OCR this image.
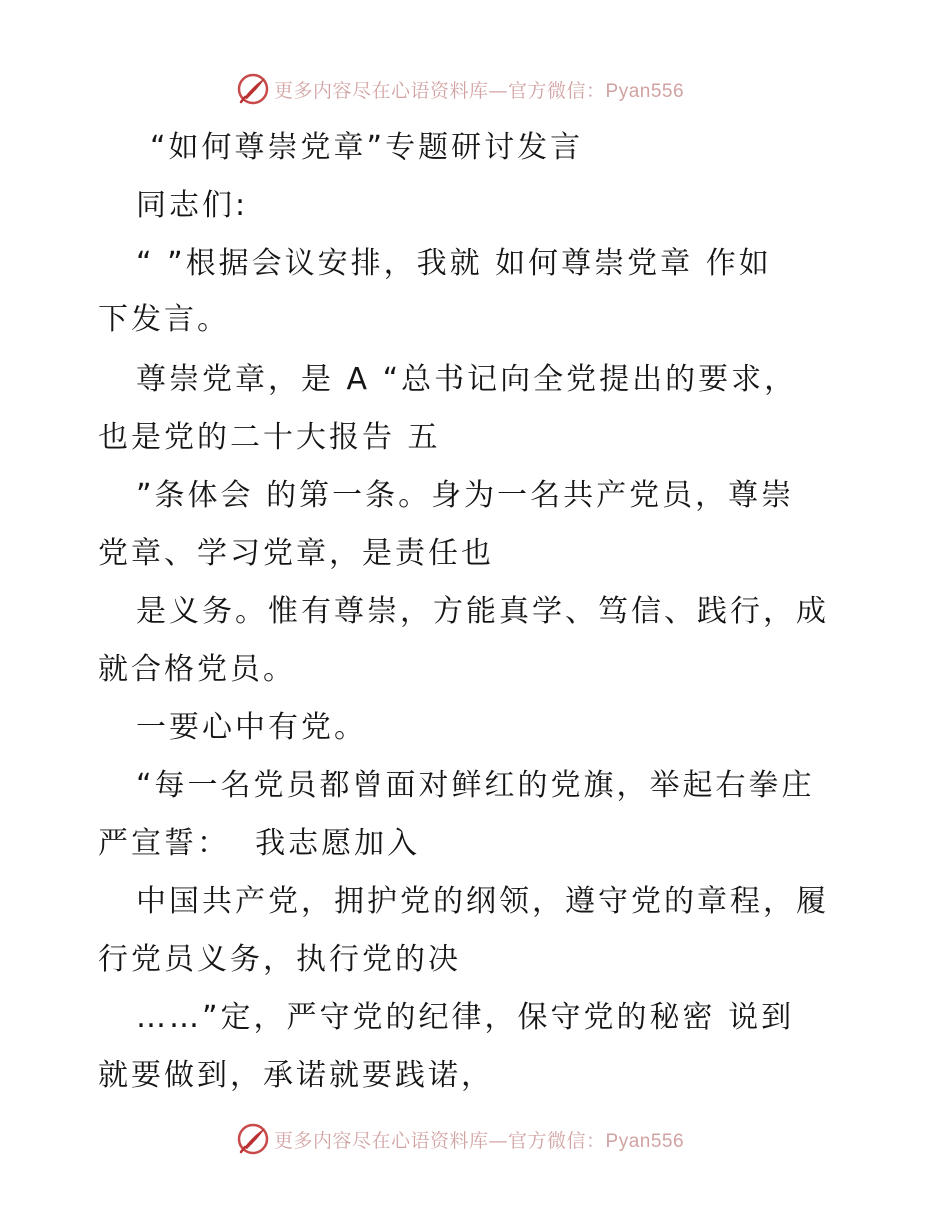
更多内容尽在心语资料库—官方微信：Pyan556
“如何尊崇党章”专题研讨发言
同志们:
“ ”根据会议安排，我就 如何尊崇党章 作如
下发言。
尊崇党章，是 A “总书记向全党提出的要求，
也是党的二十大报告 五
”条体会 的第一条。身为一名共产党员，尊崇
党章、学习党章，是责任也
是义务。惟有尊崇，方能真学、笃信、践行，成
就合格党员。
一要心中有党。
“每一名党员都曾面对鲜红的党旗，举起右拳庄
严宣誓：  我志愿加入
中国共产党，拥护党的纲领，遵守党的章程，履
行党员义务，执行党的决
……”定，严守党的纪律，保守党的秘密 说到
就要做到，承诺就要践诺，
更多内容尽在心语资料库—官方微信：Pyan556
